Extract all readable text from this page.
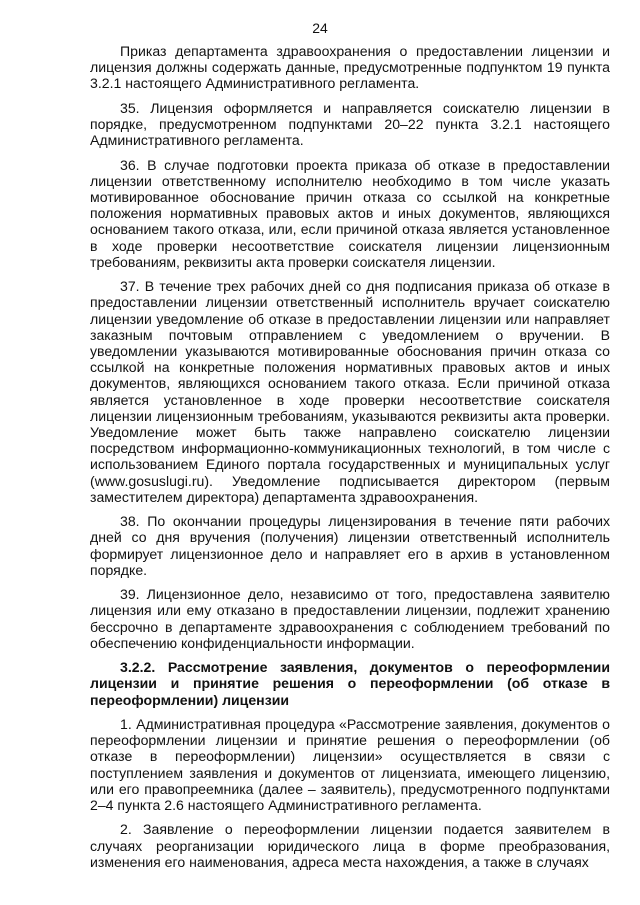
24

Приказ департамента здравоохранения о предоставлении лицензии и лицензия должны содержать данные, предусмотренные подпунктом 19 пункта 3.2.1 настоящего Административного регламента.

35. Лицензия оформляется и направляется соискателю лицензии в порядке, предусмотренном подпунктами 20–22 пункта 3.2.1 настоящего Административного регламента.

36. В случае подготовки проекта приказа об отказе в предоставлении лицензии ответственному исполнителю необходимо в том числе указать мотивированное обоснование причин отказа со ссылкой на конкретные положения нормативных правовых актов и иных документов, являющихся основанием такого отказа, или, если причиной отказа является установленное в ходе проверки несоответствие соискателя лицензии лицензионным требованиям, реквизиты акта проверки соискателя лицензии.

37. В течение трех рабочих дней со дня подписания приказа об отказе в предоставлении лицензии ответственный исполнитель вручает соискателю лицензии уведомление об отказе в предоставлении лицензии или направляет заказным почтовым отправлением с уведомлением о вручении. В уведомлении указываются мотивированные обоснования причин отказа со ссылкой на конкретные положения нормативных правовых актов и иных документов, являющихся основанием такого отказа. Если причиной отказа является установленное в ходе проверки несоответствие соискателя лицензии лицензионным требованиям, указываются реквизиты акта проверки. Уведомление может быть также направлено соискателю лицензии посредством информационно-коммуникационных технологий, в том числе с использованием Единого портала государственных и муниципальных услуг (www.gosuslugi.ru). Уведомление подписывается директором (первым заместителем директора) департамента здравоохранения.

38. По окончании процедуры лицензирования в течение пяти рабочих дней со дня вручения (получения) лицензии ответственный исполнитель формирует лицензионное дело и направляет его в архив в установленном порядке.

39. Лицензионное дело, независимо от того, предоставлена заявителю лицензия или ему отказано в предоставлении лицензии, подлежит хранению бессрочно в департаменте здравоохранения с соблюдением требований по обеспечению конфиденциальности информации.

3.2.2. Рассмотрение заявления, документов о переоформлении лицензии и принятие решения о переоформлении (об отказе в переоформлении) лицензии

1. Административная процедура «Рассмотрение заявления, документов о переоформлении лицензии и принятие решения о переоформлении (об отказе в переоформлении) лицензии» осуществляется в связи с поступлением заявления и документов от лицензиата, имеющего лицензию, или его правопреемника (далее – заявитель), предусмотренного подпунктами 2–4 пункта 2.6 настоящего Административного регламента.

2. Заявление о переоформлении лицензии подается заявителем в случаях реорганизации юридического лица в форме преобразования, изменения его наименования, адреса места нахождения, а также в случаях
